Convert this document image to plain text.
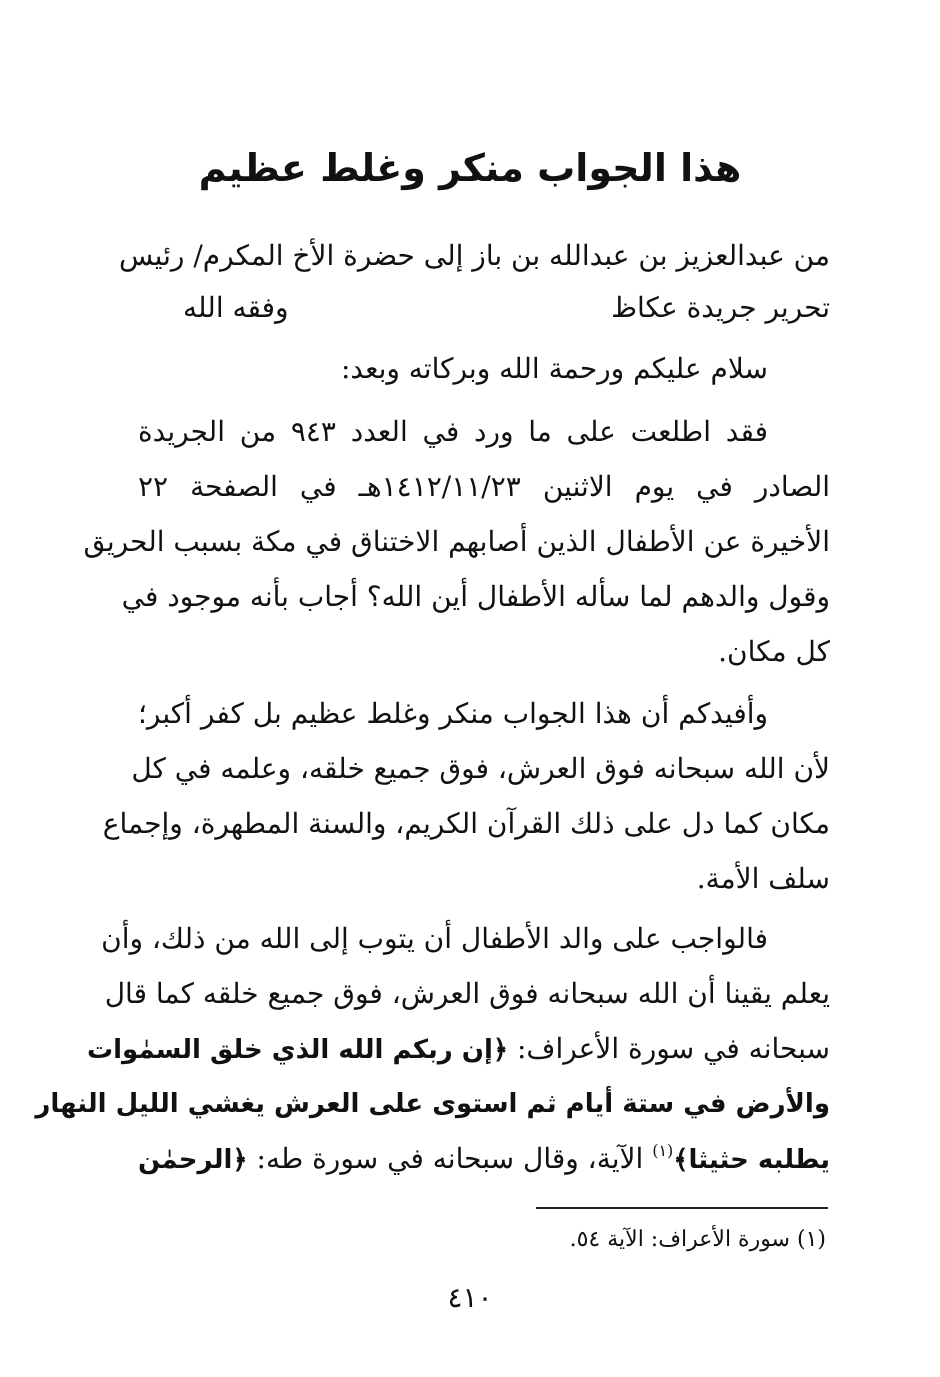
هذا الجواب منكر وغلط عظيم
من عبدالعزيز بن عبدالله بن باز إلى حضرة الأخ المكرم/ رئيس
تحرير جريدة عكاظ
وفقه الله
سلام عليكم ورحمة الله وبركاته وبعد:
فقد اطلعت على ما ورد في العدد ٩٤٣ من الجريدة
الصادر في يوم الاثنين ١٤١٢/١١/٢٣هـ في الصفحة ٢٢
الأخيرة عن الأطفال الذين أصابهم الاختناق في مكة بسبب الحريق
وقول والدهم لما سأله الأطفال أين الله؟ أجاب بأنه موجود في
كل مكان.
وأفيدكم أن هذا الجواب منكر وغلط عظيم بل كفر أكبر؛
لأن الله سبحانه فوق العرش، فوق جميع خلقه، وعلمه في كل
مكان كما دل على ذلك القرآن الكريم، والسنة المطهرة، وإجماع
سلف الأمة.
فالواجب على والد الأطفال أن يتوب إلى الله من ذلك، وأن
يعلم يقينا أن الله سبحانه فوق العرش، فوق جميع خلقه كما قال
سبحانه في سورة الأعراف: ﴿إن ربكم الله الذي خلق السمٰوات
والأرض في ستة أيام ثم استوى على العرش يغشي الليل النهار
يطلبه حثيثا﴾$^{(١)}$ الآية، وقال سبحانه في سورة طه: ﴿الرحمٰن
(١) سورة الأعراف: الآية ٥٤.
٤١٠
